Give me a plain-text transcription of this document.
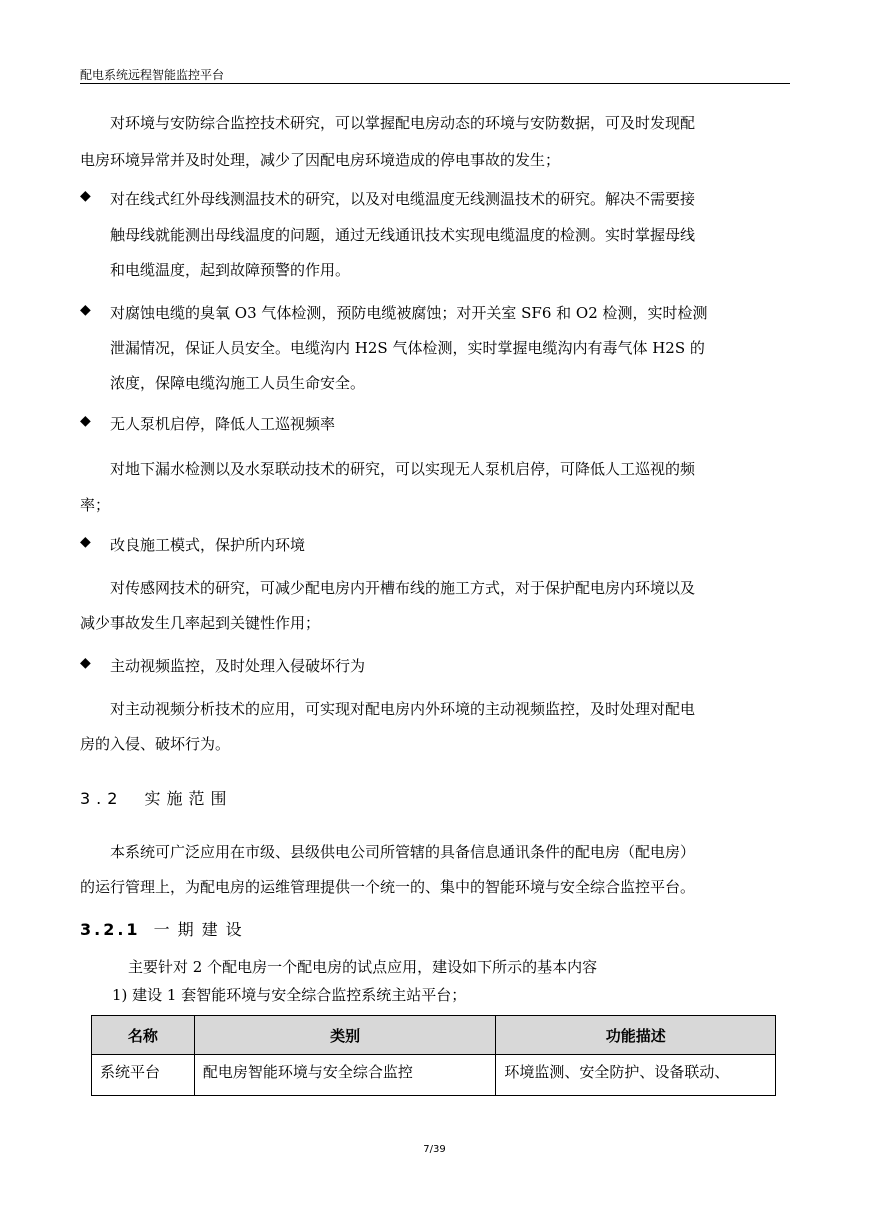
配电系统远程智能监控平台
对环境与安防综合监控技术研究，可以掌握配电房动态的环境与安防数据，可及时发现配
电房环境异常并及时处理，减少了因配电房环境造成的停电事故的发生；
◆ 对在线式红外母线测温技术的研究，以及对电缆温度无线测温技术的研究。解决不需要接
触母线就能测出母线温度的问题，通过无线通讯技术实现电缆温度的检测。实时掌握母线
和电缆温度，起到故障预警的作用。
◆ 对腐蚀电缆的臭氧 O3 气体检测，预防电缆被腐蚀；对开关室 SF6 和 O2 检测，实时检测
泄漏情况，保证人员安全。电缆沟内 H2S 气体检测，实时掌握电缆沟内有毒气体 H2S 的
浓度，保障电缆沟施工人员生命安全。
◆ 无人泵机启停，降低人工巡视频率
对地下漏水检测以及水泵联动技术的研究，可以实现无人泵机启停，可降低人工巡视的频
率；
◆ 改良施工模式，保护所内环境
对传感网技术的研究，可减少配电房内开槽布线的施工方式，对于保护配电房内环境以及
减少事故发生几率起到关键性作用；
◆ 主动视频监控，及时处理入侵破坏行为
对主动视频分析技术的应用，可实现对配电房内外环境的主动视频监控，及时处理对配电
房的入侵、破坏行为。
3.2 实施范围
本系统可广泛应用在市级、县级供电公司所管辖的具备信息通讯条件的配电房（配电房）
的运行管理上，为配电房的运维管理提供一个统一的、集中的智能环境与安全综合监控平台。
3.2.1 一期建设
主要针对 2 个配电房一个配电房的试点应用，建设如下所示的基本内容
1) 建设 1 套智能环境与安全综合监控系统主站平台；
名称	类别	功能描述
系统平台	配电房智能环境与安全综合监控	环境监测、安全防护、设备联动、
7/39
